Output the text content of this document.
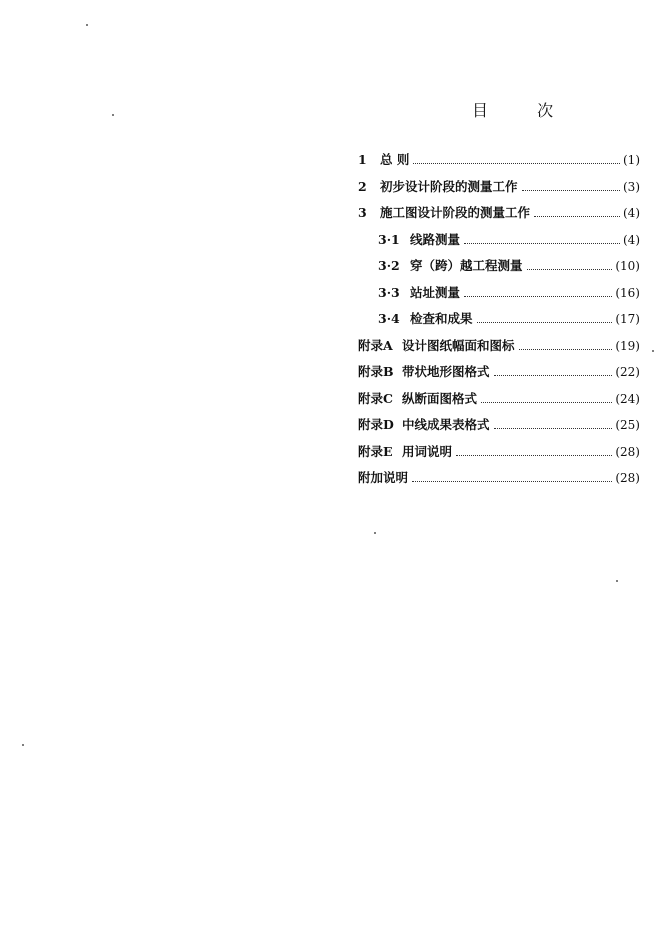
目 次
1	总 则	(1)
2	初步设计阶段的测量工作	(3)
3	施工图设计阶段的测量工作	(4)
3·1 线路测量	(4)
3·2 穿（跨）越工程测量	(10)
3·3 站址测量	(16)
3·4 检查和成果	(17)
附录A 设计图纸幅面和图标	(19)
附录B 带状地形图格式	(22)
附录C 纵断面图格式	(24)
附录D 中线成果表格式	(25)
附录E 用词说明	(28)
附加说明	(28)
